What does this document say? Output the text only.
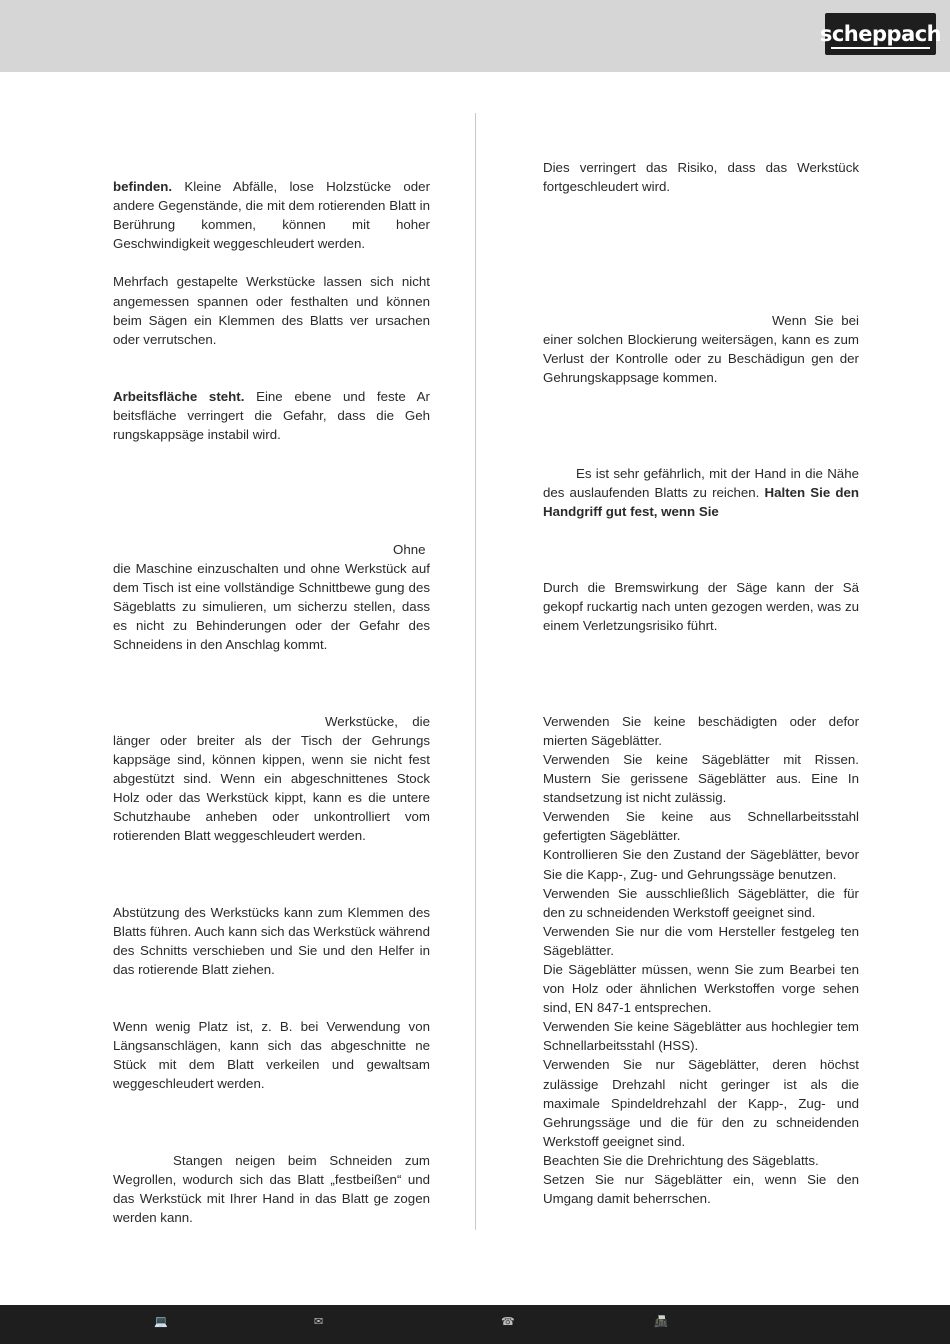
scheppach

befinden. Kleine Abfälle, lose Holzstücke oder andere Gegenstände, die mit dem rotierenden Blatt in Berührung kommen, können mit hoher Geschwindigkeit weggeschleudert werden.

Mehrfach gestapelte Werkstücke lassen sich nicht angemessen spannen oder festhalten und können beim Sägen ein Klemmen des Blatts ver ursachen oder verrutschen.

Arbeitsfläche steht. Eine ebene und feste Ar beitsfläche verringert die Gefahr, dass die Geh rungskappsäge instabil wird.

Ohne die Maschine einzuschalten und ohne Werkstück auf dem Tisch ist eine vollständige Schnittbewe gung des Sägeblatts zu simulieren, um sicherzu stellen, dass es nicht zu Behinderungen oder der Gefahr des Schneidens in den Anschlag kommt.

Werkstücke, die länger oder breiter als der Tisch der Gehrungs kappsäge sind, können kippen, wenn sie nicht fest abgestützt sind. Wenn ein abgeschnittenes Stock Holz oder das Werkstück kippt, kann es die untere Schutzhaube anheben oder unkontrolliert vom rotierenden Blatt weggeschleudert werden.

Abstützung des Werkstücks kann zum Klemmen des Blatts führen. Auch kann sich das Werkstück während des Schnitts verschieben und Sie und den Helfer in das rotierende Blatt ziehen.

Wenn wenig Platz ist, z. B. bei Verwendung von Längsanschlägen, kann sich das abgeschnitte ne Stück mit dem Blatt verkeilen und gewaltsam weggeschleudert werden.

Stangen neigen beim Schneiden zum Wegrollen, wodurch sich das Blatt „festbeißen“ und das Werkstück mit Ihrer Hand in das Blatt ge zogen werden kann.

Dies verringert das Risiko, dass das Werkstück fortgeschleudert wird.

Wenn Sie bei einer solchen Blockierung weitersägen, kann es zum Verlust der Kontrolle oder zu Beschädigun gen der Gehrungskappsage kommen.

Es ist sehr gefährlich, mit der Hand in die Nähe des auslaufenden Blatts zu reichen. Halten Sie den Handgriff gut fest, wenn Sie

Durch die Bremswirkung der Säge kann der Sä gekopf ruckartig nach unten gezogen werden, was zu einem Verletzungsrisiko führt.

Verwenden Sie keine beschädigten oder defor mierten Sägeblätter.

Verwenden Sie keine Sägeblätter mit Rissen. Mustern Sie gerissene Sägeblätter aus. Eine In standsetzung ist nicht zulässig.

Verwenden Sie keine aus Schnellarbeitsstahl gefertigten Sägeblätter.

Kontrollieren Sie den Zustand der Sägeblätter, bevor Sie die Kapp-, Zug- und Gehrungssäge benutzen.

Verwenden Sie ausschließlich Sägeblätter, die für den zu schneidenden Werkstoff geeignet sind.

Verwenden Sie nur die vom Hersteller festgeleg ten Sägeblätter.

Die Sägeblätter müssen, wenn Sie zum Bearbei ten von Holz oder ähnlichen Werkstoffen vorge sehen sind, EN 847-1 entsprechen.

Verwenden Sie keine Sägeblätter aus hochlegier tem Schnellarbeitsstahl (HSS).

Verwenden Sie nur Sägeblätter, deren höchst zulässige Drehzahl nicht geringer ist als die maximale Spindeldrehzahl der Kapp-, Zug- und Gehrungssäge und die für den zu schneidenden Werkstoff geeignet sind.

Beachten Sie die Drehrichtung des Sägeblatts.

Setzen Sie nur Sägeblätter ein, wenn Sie den Umgang damit beherrschen.

💻	✉	☎	📠
